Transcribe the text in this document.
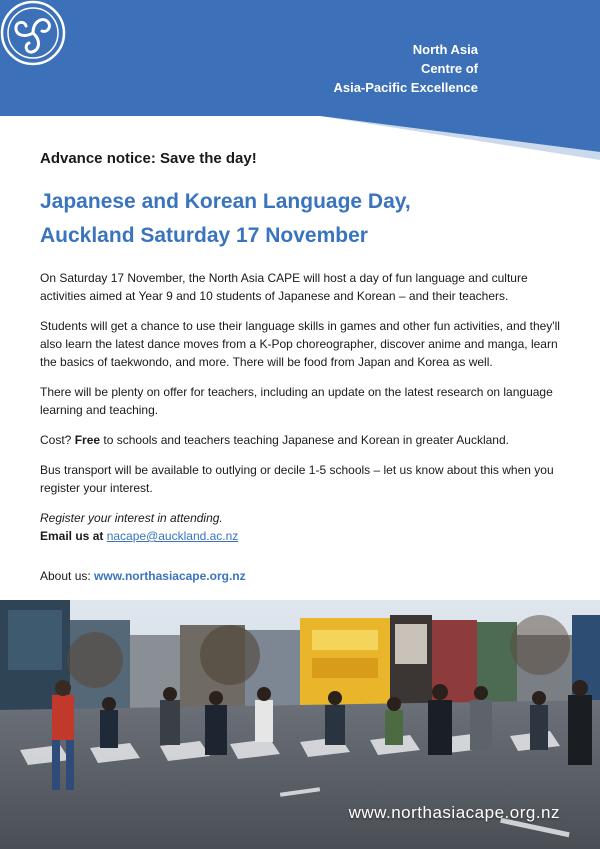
North Asia
Centre of
Asia-Pacific Excellence
Advance notice: Save the day!
Japanese and Korean Language Day,
Auckland Saturday 17 November

On Saturday 17 November, the North Asia CAPE will host a day of fun language and culture activities aimed at Year 9 and 10 students of Japanese and Korean – and their teachers.

Students will get a chance to use their language skills in games and other fun activities, and they'll also learn the latest dance moves from a K-Pop choreographer, discover anime and manga, learn the basics of taekwondo, and more. There will be food from Japan and Korea as well.

There will be plenty on offer for teachers, including an update on the latest research on language learning and teaching.

Cost? Free to schools and teachers teaching Japanese and Korean in greater Auckland.

Bus transport will be available to outlying or decile 1-5 schools – let us know about this when you register your interest.

Register your interest in attending.

Email us at nacape@auckland.ac.nz

About us: www.northasiacape.org.nz

www.northasiacape.org.nz
